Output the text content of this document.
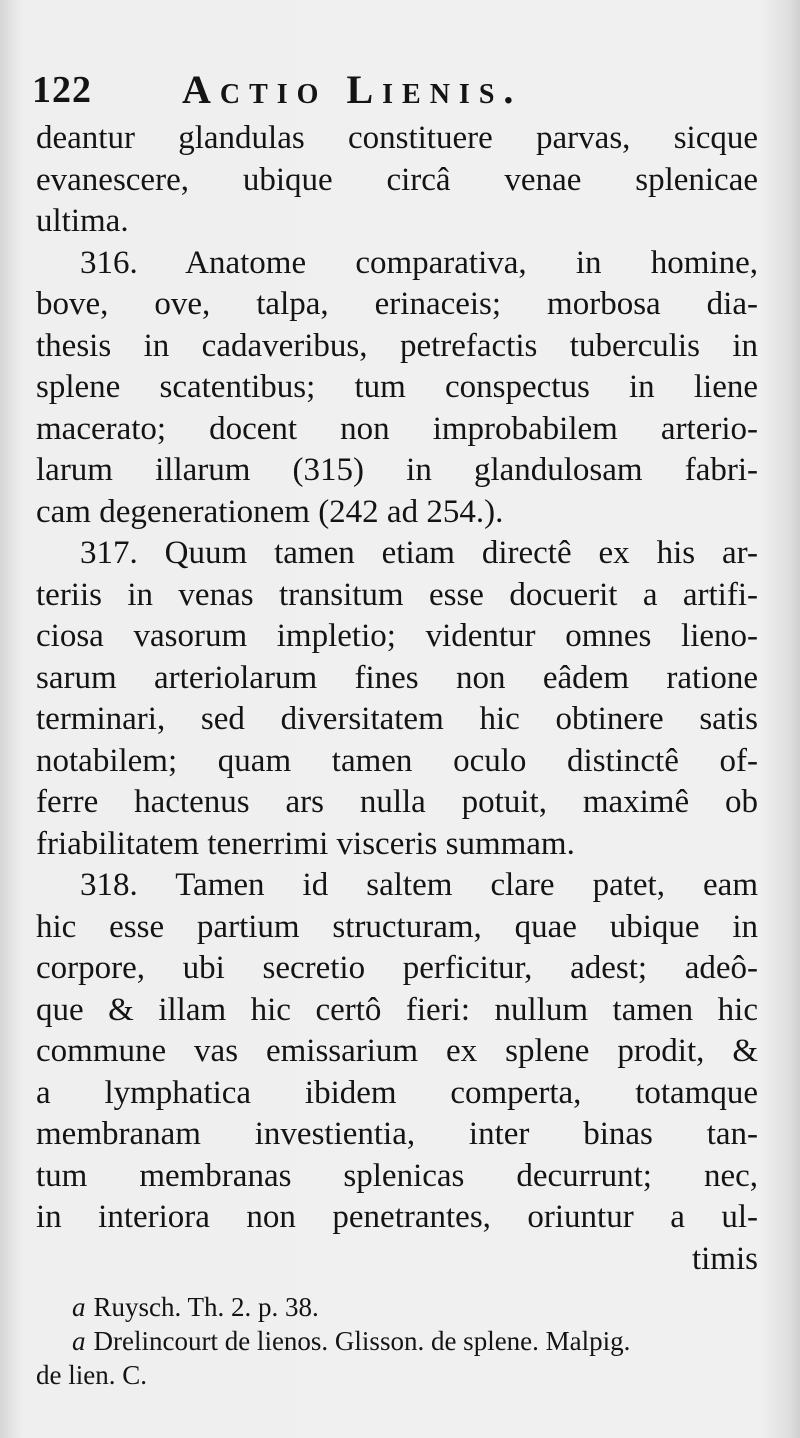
122 Actio Lienis.
deantur glandulas constituere parvas, sicque
evanescere, ubique circâ venae splenicae
ultima.
316. Anatome comparativa, in homine,
bove, ove, talpa, erinaceis; morbosa dia-
thesis in cadaveribus, petrefactis tuberculis in
splene scatentibus; tum conspectus in liene
macerato; docent non improbabilem arterio-
larum illarum (315) in glandulosam fabri-
cam degenerationem (242 ad 254.).
317. Quum tamen etiam directê ex his ar-
teriis in venas transitum esse docuerit a artifi-
ciosa vasorum impletio; videntur omnes lieno-
sarum arteriolarum fines non eâdem ratione
terminari, sed diversitatem hic obtinere satis
notabilem; quam tamen oculo distinctê of-
ferre hactenus ars nulla potuit, maximê ob
friabilitatem tenerrimi visceris summam.
318. Tamen id saltem clare patet, eam
hic esse partium structuram, quae ubique in
corpore, ubi secretio perficitur, adest; adeô-
que & illam hic certô fieri: nullum tamen hic
commune vas emissarium ex splene prodit, &
a lymphatica ibidem comperta, totamque
membranam investientia, inter binas tan-
tum membranas splenicas decurrunt; nec,
in interiora non penetrantes, oriuntur a ul-
timis
a Ruysch. Th. 2. p. 38.
a Drelincourt de lienos. Glisson. de splene. Malpig.
de lien. C.
